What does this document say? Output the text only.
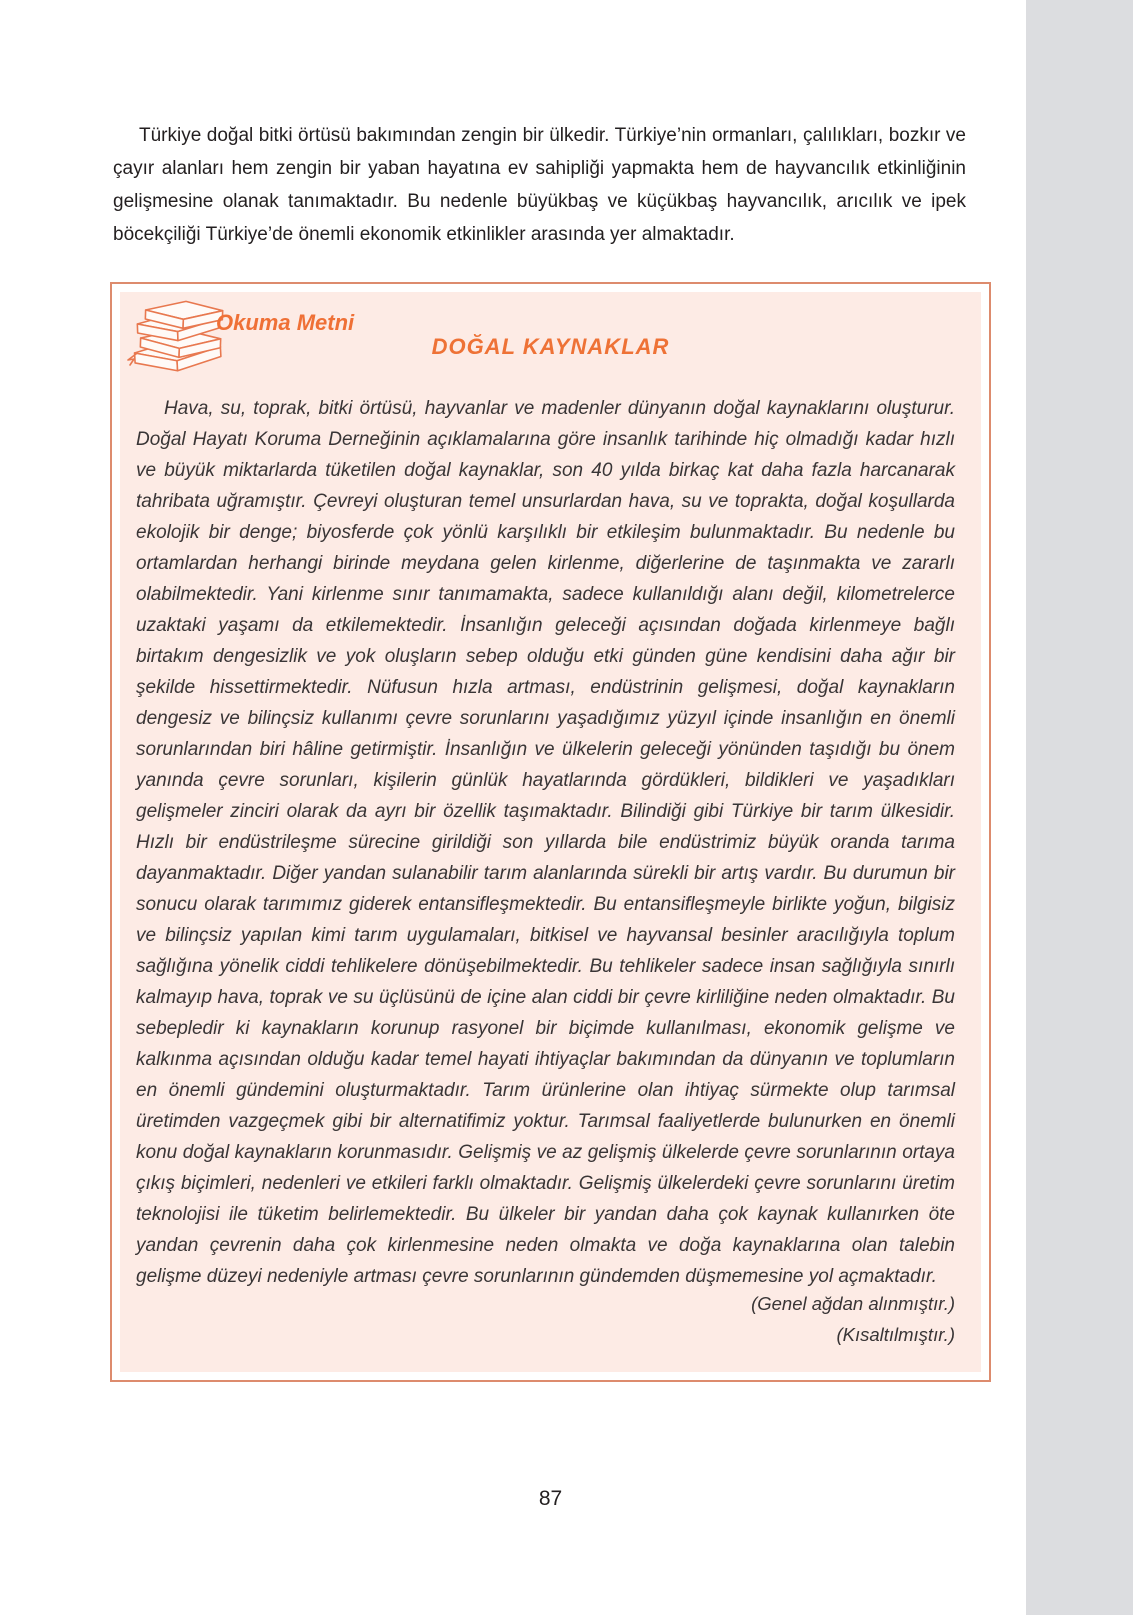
Türkiye doğal bitki örtüsü bakımından zengin bir ülkedir. Türkiye’nin ormanları, çalılıkları, bozkır ve çayır alanları hem zengin bir yaban hayatına ev sahipliği yapmakta hem de hayvancılık etkinliğinin gelişmesine olanak tanımaktadır. Bu nedenle büyükbaş ve küçükbaş hayvancılık, arıcılık ve ipek böcekçiliği Türkiye’de önemli ekonomik etkinlikler arasında yer almaktadır.

Okuma Metni
DOĞAL KAYNAKLAR

Hava, su, toprak, bitki örtüsü, hayvanlar ve madenler dünyanın doğal kaynaklarını oluşturur. Doğal Hayatı Koruma Derneğinin açıklamalarına göre insanlık tarihinde hiç olmadığı kadar hızlı ve büyük miktarlarda tüketilen doğal kaynaklar, son 40 yılda birkaç kat daha fazla harcanarak tahribata uğramıştır. Çevreyi oluşturan temel unsurlardan hava, su ve toprakta, doğal koşullarda ekolojik bir denge; biyosferde çok yönlü karşılıklı bir etkileşim bulunmaktadır. Bu nedenle bu ortamlardan herhangi birinde meydana gelen kirlenme, diğerlerine de taşınmakta ve zararlı olabilmektedir. Yani kirlenme sınır tanımamakta, sadece kullanıldığı alanı değil, kilometrelerce uzaktaki yaşamı da etkilemektedir. İnsanlığın geleceği açısından doğada kirlenmeye bağlı birtakım dengesizlik ve yok oluşların sebep olduğu etki günden güne kendisini daha ağır bir şekilde hissettirmektedir. Nüfusun hızla artması, endüstrinin gelişmesi, doğal kaynakların dengesiz ve bilinçsiz kullanımı çevre sorunlarını yaşadığımız yüzyıl içinde insanlığın en önemli sorunlarından biri hâline getirmiştir. İnsanlığın ve ülkelerin geleceği yönünden taşıdığı bu önem yanında çevre sorunları, kişilerin günlük hayatlarında gördükleri, bildikleri ve yaşadıkları gelişmeler zinciri olarak da ayrı bir özellik taşımaktadır. Bilindiği gibi Türkiye bir tarım ülkesidir. Hızlı bir endüstrileşme sürecine girildiği son yıllarda bile endüstrimiz büyük oranda tarıma dayanmaktadır. Diğer yandan sulanabilir tarım alanlarında sürekli bir artış vardır. Bu durumun bir sonucu olarak tarımımız giderek entansifleşmektedir. Bu entansifleşmeyle birlikte yoğun, bilgisiz ve bilinçsiz yapılan kimi tarım uygulamaları, bitkisel ve hayvansal besinler aracılığıyla toplum sağlığına yönelik ciddi tehlikelere dönüşebilmektedir. Bu tehlikeler sadece insan sağlığıyla sınırlı kalmayıp hava, toprak ve su üçlüsünü de içine alan ciddi bir çevre kirliliğine neden olmaktadır. Bu sebepledir ki kaynakların korunup rasyonel bir biçimde kullanılması, ekonomik gelişme ve kalkınma açısından olduğu kadar temel hayati ihtiyaçlar bakımından da dünyanın ve toplumların en önemli gündemini oluşturmaktadır. Tarım ürünlerine olan ihtiyaç sürmekte olup tarımsal üretimden vazgeçmek gibi bir alternatifimiz yoktur. Tarımsal faaliyetlerde bulunurken en önemli konu doğal kaynakların korunmasıdır. Gelişmiş ve az gelişmiş ülkelerde çevre sorunlarının ortaya çıkış biçimleri, nedenleri ve etkileri farklı olmaktadır. Gelişmiş ülkelerdeki çevre sorunlarını üretim teknolojisi ile tüketim belirlemektedir. Bu ülkeler bir yandan daha çok kaynak kullanırken öte yandan çevrenin daha çok kirlenmesine neden olmakta ve doğa kaynaklarına olan talebin gelişme düzeyi nedeniyle artması çevre sorunlarının gündemden düşmemesine yol açmaktadır.

(Genel ağdan alınmıştır.)
(Kısaltılmıştır.)
87
